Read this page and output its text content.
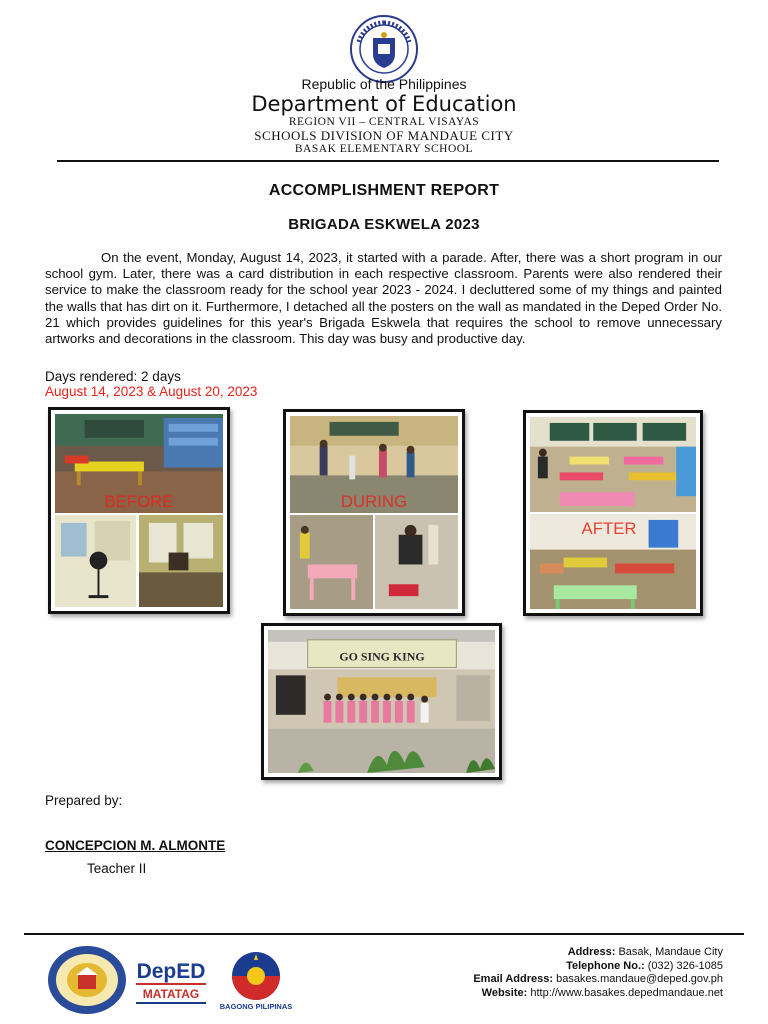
Republic of the Philippines
Department of Education
REGION VII – CENTRAL VISAYAS
SCHOOLS DIVISION OF MANDAUE CITY
BASAK ELEMENTARY SCHOOL
ACCOMPLISHMENT REPORT
BRIGADA ESKWELA 2023

On the event, Monday, August 14, 2023, it started with a parade. After, there was a short program in our school gym. Later, there was a card distribution in each respective classroom. Parents were also rendered their service to make the classroom ready for the school year 2023 - 2024. I decluttered some of my things and painted the walls that has dirt on it. Furthermore, I detached all the posters on the wall as mandated in the Deped Order No. 21 which provides guidelines for this year's Brigada Eskwela that requires the school to remove unnecessary artworks and decorations in the classroom. This day was busy and productive day.

Days rendered: 2 days
August 14, 2023 & August 20, 2023
BEFORE	DURING
AFTER
GO SING KING
Prepared by:
CONCEPCION M. ALMONTE
Teacher II
DepED
MATATAG
BAGONG PILIPINAS
Address: Basak, Mandaue City
Telephone No.: (032) 326-1085
Email Address: basakes.mandaue@deped.gov.ph
Website: http://www.basakes.depedmandaue.net
